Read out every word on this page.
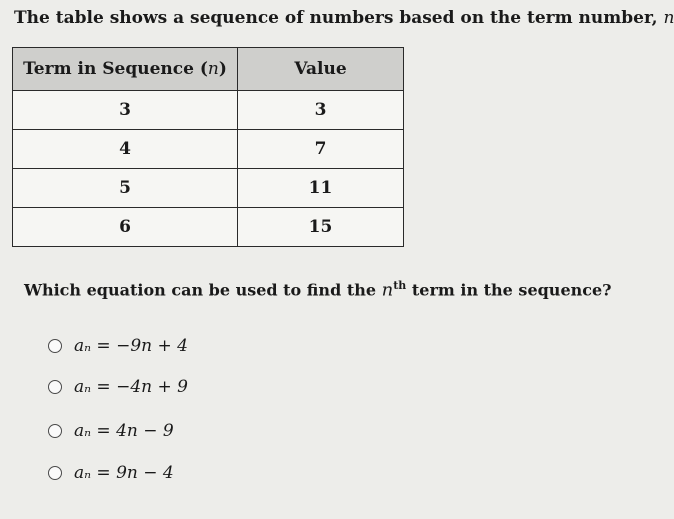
The table shows a sequence of numbers based on the term number, n
Term in Sequence (n)	Value
3	3
4	7
5	11
6	15
Which equation can be used to find the $n^{th}$ term in the sequence?
aₙ = −9n + 4
aₙ = −4n + 9
aₙ = 4n − 9
aₙ = 9n − 4
